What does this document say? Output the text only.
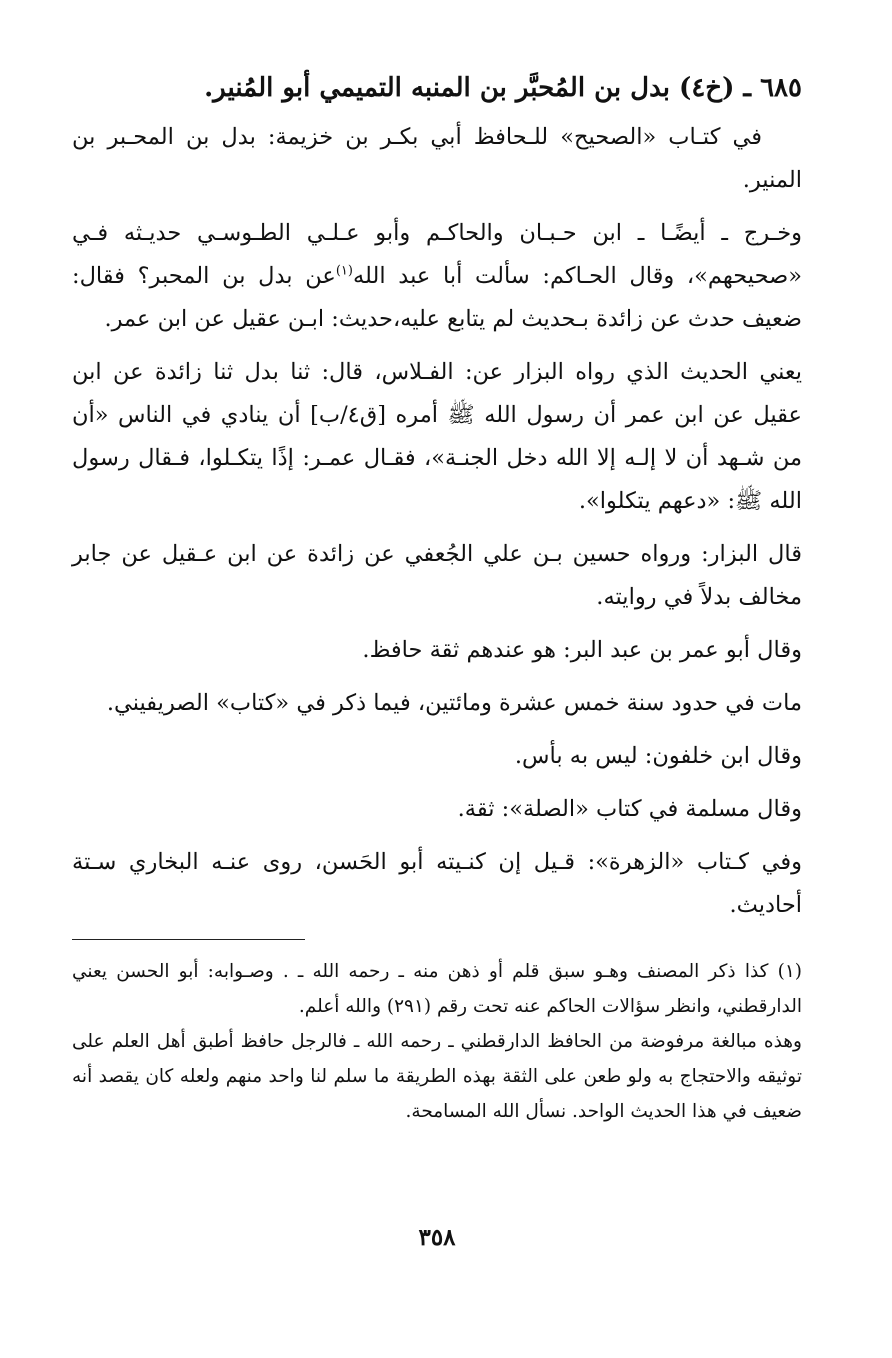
٦٨٥ ـ (خ٤) بدل بن المُحبَّر بن المنبه التميمي أبو المُنير.

في كتـاب «الصحيح» للـحافظ أبي بكـر بن خزيمة: بدل بن المحـبر بن المنير.

وخـرج ـ أيضًـا ـ ابن حـبـان والحاكـم وأبو عـلـي الطـوسـي حديـثه فـي «صحيحهم»، وقال الحـاكم: سألت أبا عبد الله$^{(١)}$عن بدل بن المحبر؟ فقال: ضعيف حدث عن زائدة بـحديث لم يتابع عليه،حديث: ابـن عقيل عن ابن عمر.

يعني الحديث الذي رواه البزار عن: الفـلاس، قال: ثنا بدل ثنا زائدة عن ابن عقيل عن ابن عمر أن رسول الله ﷺ أمره [ق٤/ب] أن ينادي في الناس «أن من شـهد أن لا إلـه إلا الله دخل الجنـة»، فقـال عمـر: إذًا يتكـلوا، فـقال رسول الله ﷺ: «دعهم يتكلوا».

قال البزار: ورواه حسين بـن علي الجُعفي عن زائدة عن ابن عـقيل عن جابر مخالف بدلاً في روايته.

وقال أبو عمر بن عبد البر: هو عندهم ثقة حافظ.

مات في حدود سنة خمس عشرة ومائتين، فيما ذكر في «كتاب» الصريفيني.

وقال ابن خلفون: ليس به بأس.

وقال مسلمة في كتاب «الصلة»: ثقة.

وفي كـتاب «الزهرة»: قـيل إن كنـيته أبو الحَسن، روى عنـه البخاري سـتة أحاديث.

(١) كذا ذكر المصنف وهـو سبق قلم أو ذهن منه ـ رحمه الله ـ . وصـوابه: أبو الحسن يعني الدارقطني، وانظر سؤالات الحاكم عنه تحت رقم (٢٩١) والله أعلم.

وهذه مبالغة مرفوضة من الحافظ الدارقطني ـ رحمه الله ـ فالرجل حافظ أطبق أهل العلم على توثيقه والاحتجاج به ولو طعن على الثقة بهذه الطريقة ما سلم لنا واحد منهم ولعله كان يقصد أنه ضعيف في هذا الحديث الواحد. نسأل الله المسامحة.

٣٥٨
